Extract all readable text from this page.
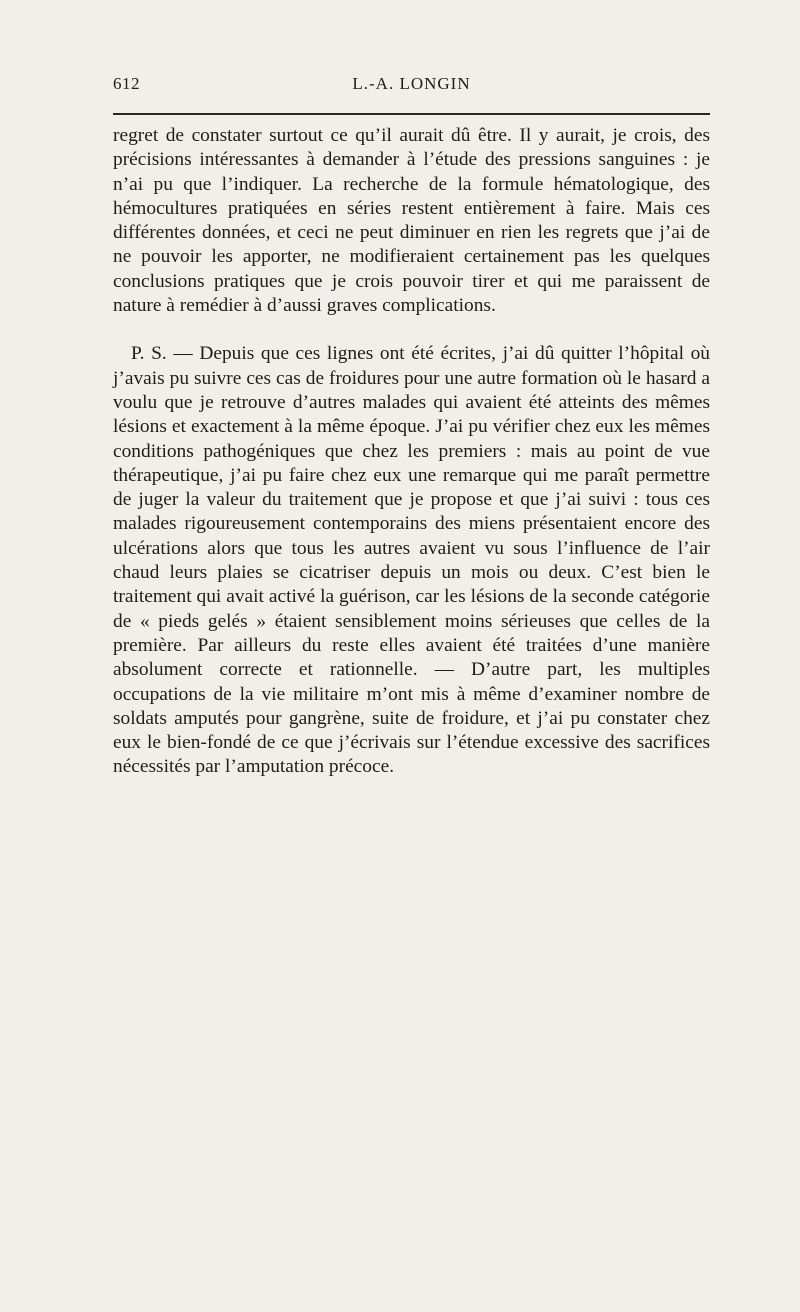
612	L.-A. LONGIN

regret de constater surtout ce qu’il aurait dû être. Il y aurait, je crois, des précisions intéressantes à demander à l’étude des pressions sanguines : je n’ai pu que l’indiquer. La recherche de la formule hématologique, des hémocultures pratiquées en séries restent entièrement à faire. Mais ces différentes données, et ceci ne peut diminuer en rien les regrets que j’ai de ne pouvoir les apporter, ne modifieraient certainement pas les quelques conclusions pratiques que je crois pouvoir tirer et qui me paraissent de nature à remédier à d’aussi graves complications.

P. S. — Depuis que ces lignes ont été écrites, j’ai dû quitter l’hôpital où j’avais pu suivre ces cas de froidures pour une autre formation où le hasard a voulu que je retrouve d’autres malades qui avaient été atteints des mêmes lésions et exactement à la même époque. J’ai pu vérifier chez eux les mêmes conditions pathogéniques que chez les premiers : mais au point de vue thérapeutique, j’ai pu faire chez eux une remarque qui me paraît permettre de juger la valeur du traitement que je propose et que j’ai suivi : tous ces malades rigoureusement contemporains des miens présentaient encore des ulcérations alors que tous les autres avaient vu sous l’influence de l’air chaud leurs plaies se cicatriser depuis un mois ou deux. C’est bien le traitement qui avait activé la guérison, car les lésions de la seconde catégorie de « pieds gelés » étaient sensiblement moins sérieuses que celles de la première. Par ailleurs du reste elles avaient été traitées d’une manière absolument correcte et rationnelle. — D’autre part, les multiples occupations de la vie militaire m’ont mis à même d’examiner nombre de soldats amputés pour gangrène, suite de froidure, et j’ai pu constater chez eux le bien-fondé de ce que j’écrivais sur l’étendue excessive des sacrifices nécessités par l’amputation précoce.
